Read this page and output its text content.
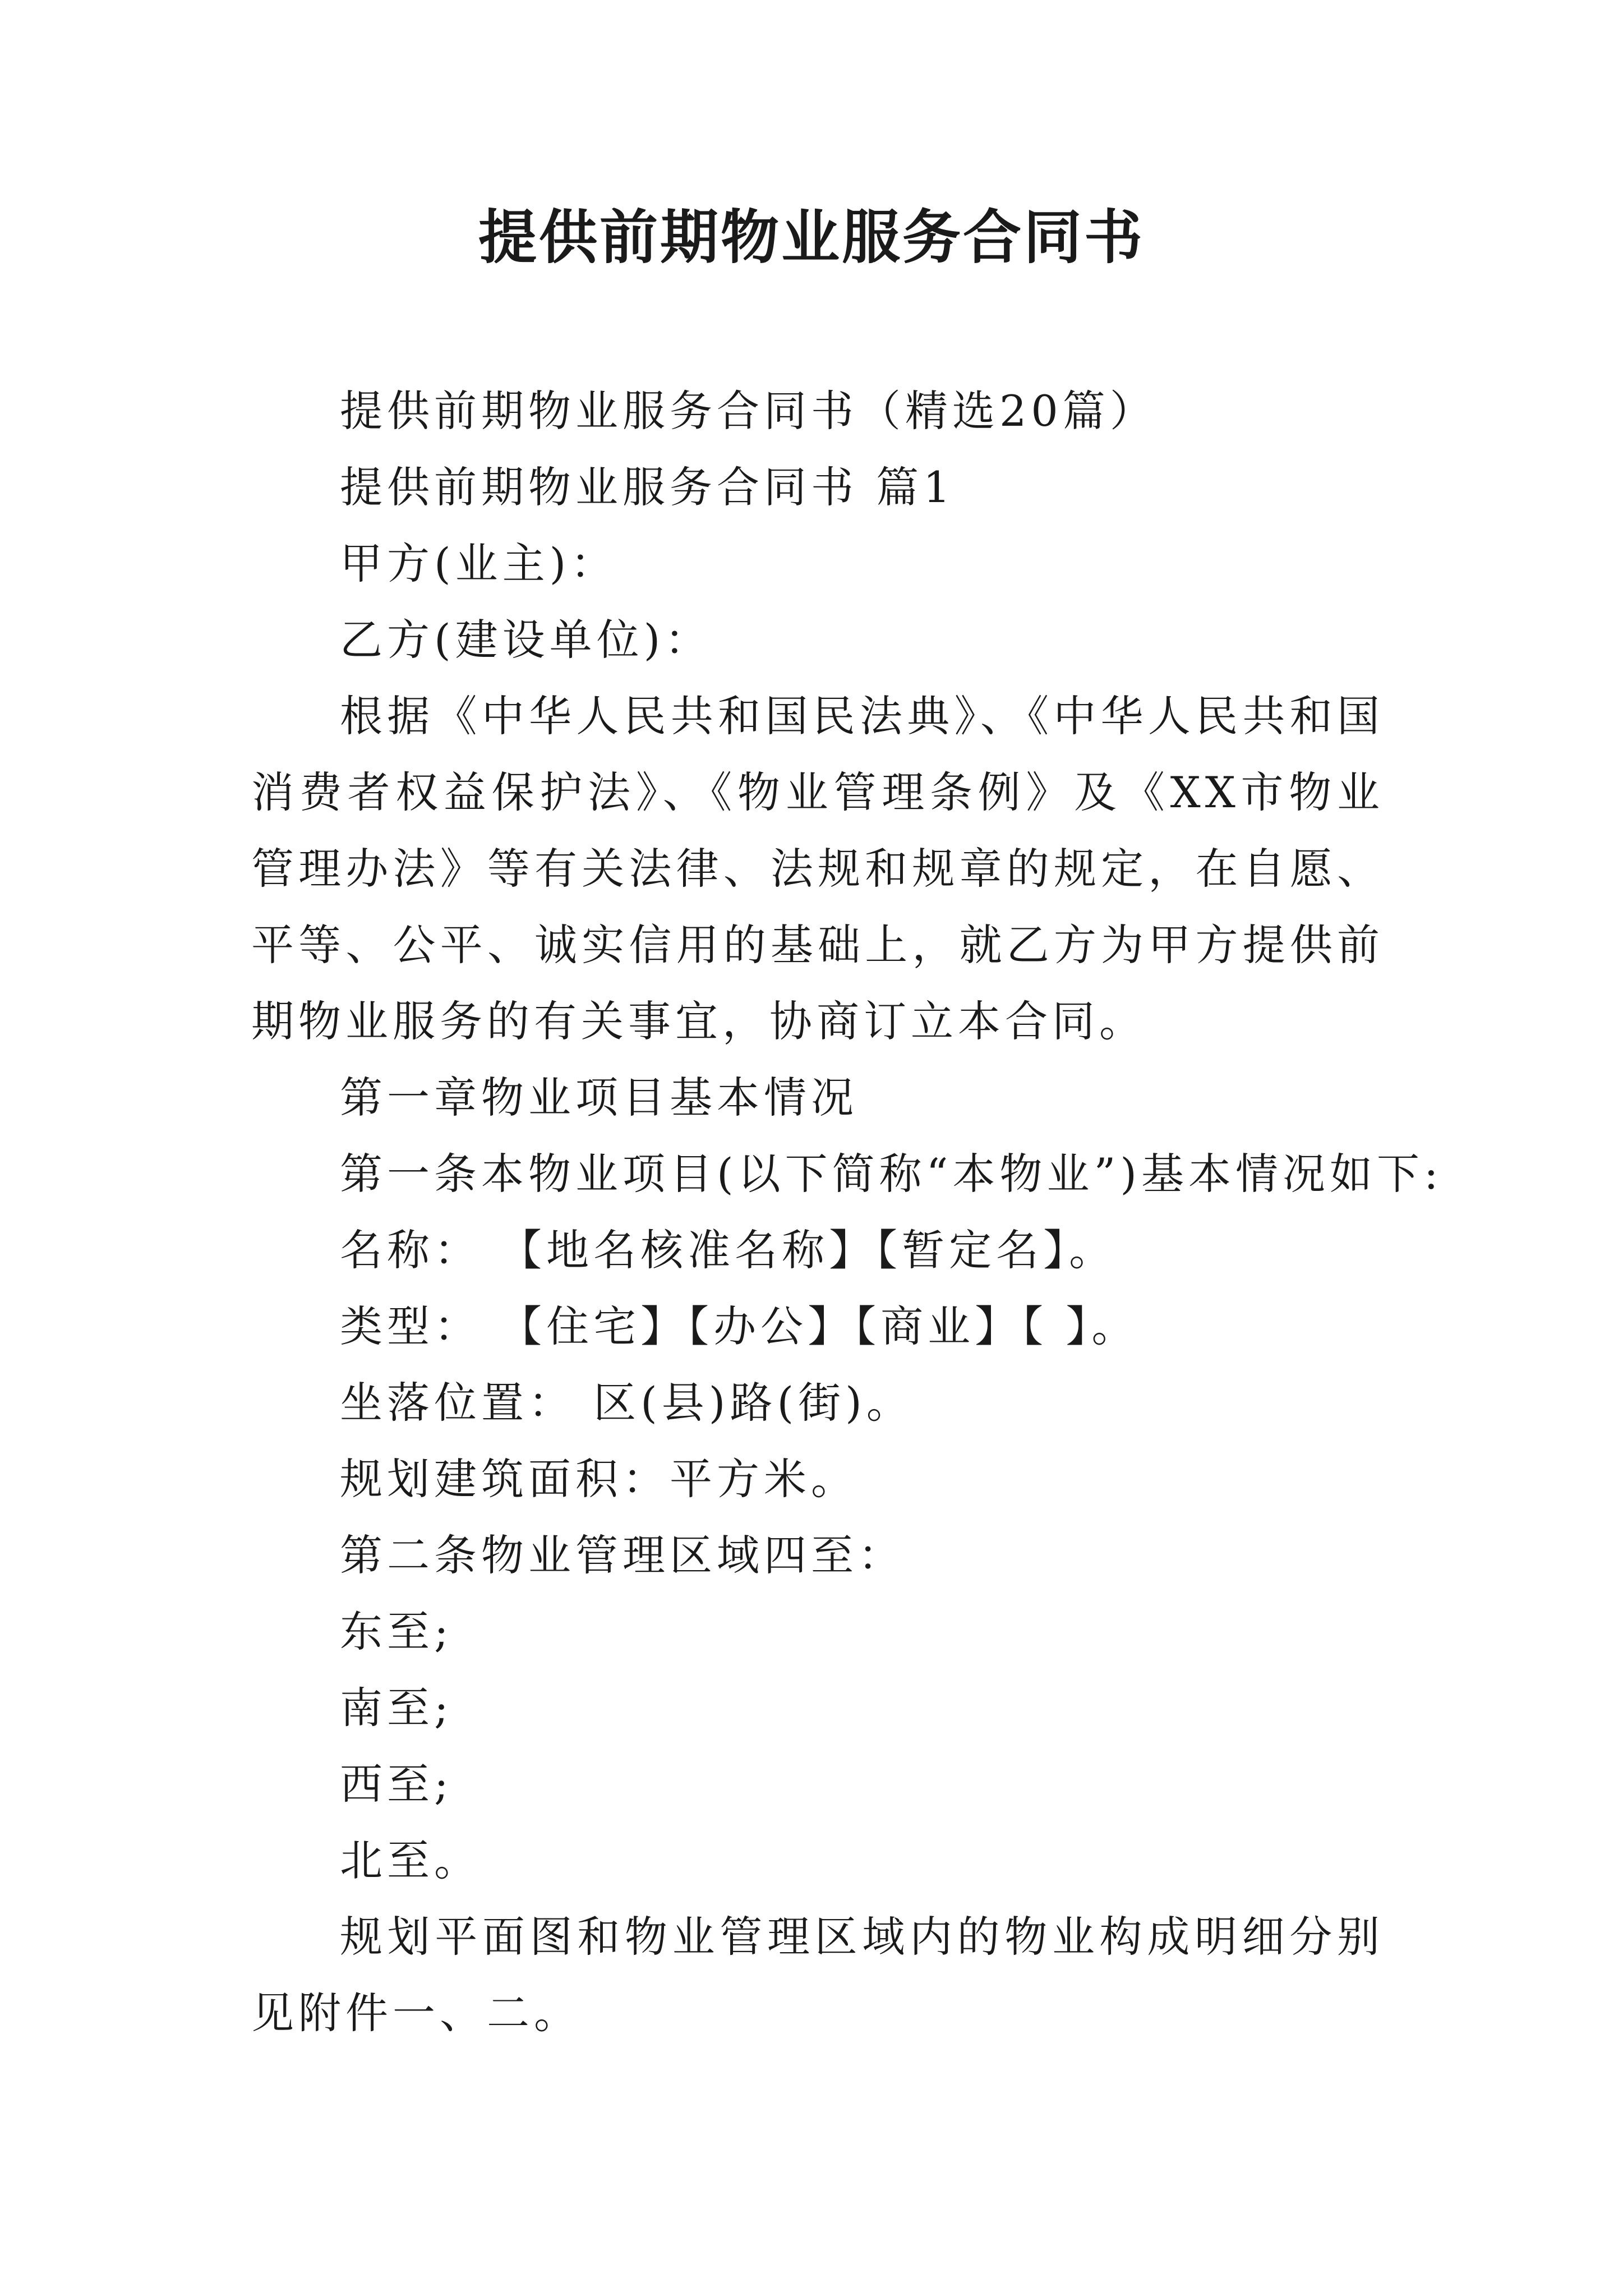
提供前期物业服务合同书

提供前期物业服务合同书（精选20篇）

提供前期物业服务合同书 篇1

甲方(业主)：

乙方(建设单位)：

根据《中华人民共和国民法典》、《中华人民共和国消费者权益保护法》、《物业管理条例》及《XX市物业管理办法》等有关法律、法规和规章的规定，在自愿、平等、公平、诚实信用的基础上，就乙方为甲方提供前期物业服务的有关事宜，协商订立本合同。

第一章物业项目基本情况

第一条本物业项目(以下简称“本物业”)基本情况如下:

名称： 【地名核准名称】【暂定名】。

类型： 【住宅】【办公】【商业】【 】。

坐落位置： 区(县)路(街)。

规划建筑面积：平方米。

第二条物业管理区域四至：

东至;

南至;

西至;

北至。

规划平面图和物业管理区域内的物业构成明细分别见附件一、二。
